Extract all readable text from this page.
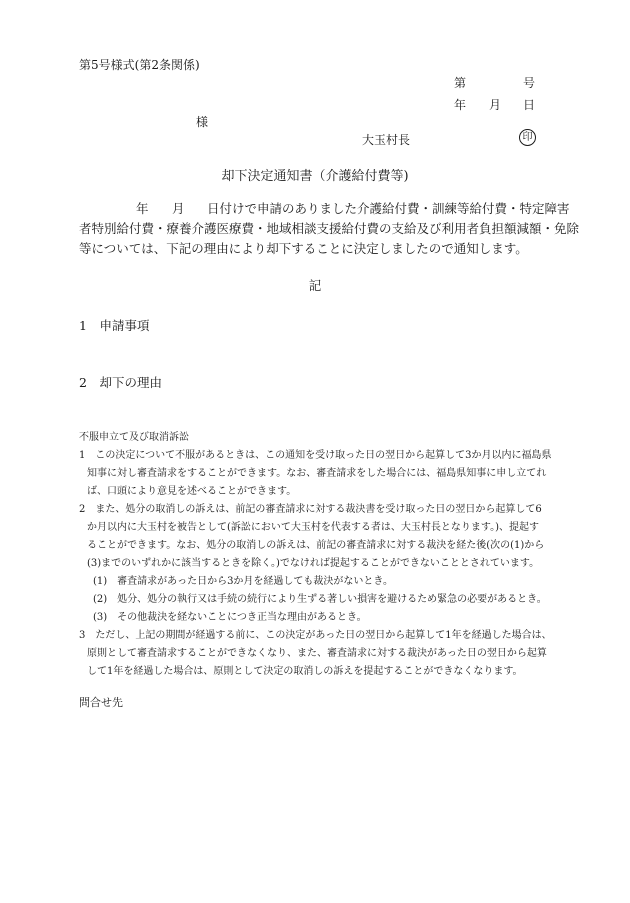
第5号様式(第2条関係)
第	号
年 月 日
様
大玉村長	印
却下決定通知書（介護給付費等)
年 月 日付けで申請のありました介護給付費・訓練等給付費・特定障害
者特別給付費・療養介護医療費・地域相談支援給付費の支給及び利用者負担額減額・免除
等については、下記の理由により却下することに決定しましたので通知します。
記
1　申請事項
2　却下の理由
不服申立て及び取消訴訟
1　この決定について不服があるときは、この通知を受け取った日の翌日から起算して3か月以内に福島県
知事に対し審査請求をすることができます。なお、審査請求をした場合には、福島県知事に申し立てれ
ば、口頭により意見を述べることができます。
2　また、処分の取消しの訴えは、前記の審査請求に対する裁決書を受け取った日の翌日から起算して6
か月以内に大玉村を被告として(訴訟において大玉村を代表する者は、大玉村長となります。)、提起す
ることができます。なお、処分の取消しの訴えは、前記の審査請求に対する裁決を経た後(次の(1)から
(3)までのいずれかに該当するときを除く。)でなければ提起することができないこととされています。
(1)　審査請求があった日から3か月を経過しても裁決がないとき。
(2)　処分、処分の執行又は手続の続行により生ずる著しい損害を避けるため緊急の必要があるとき。
(3)　その他裁決を経ないことにつき正当な理由があるとき。
3　ただし、上記の期間が経過する前に、この決定があった日の翌日から起算して1年を経過した場合は、
原則として審査請求することができなくなり、また、審査請求に対する裁決があった日の翌日から起算
して1年を経過した場合は、原則として決定の取消しの訴えを提起することができなくなります。
問合せ先
